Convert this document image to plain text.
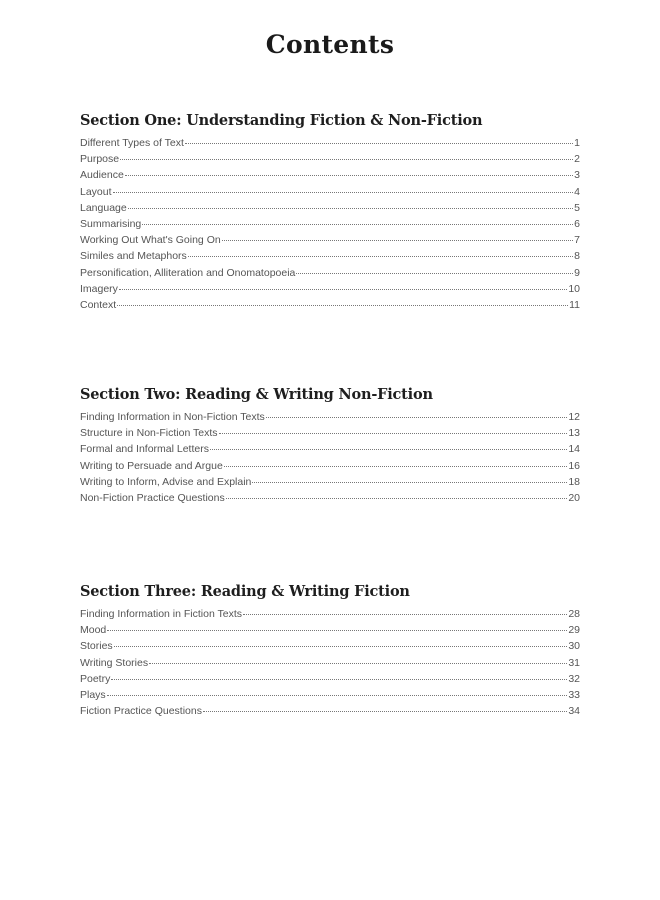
Contents
Section One: Understanding Fiction & Non-Fiction
Different Types of Text	1
Purpose	2
Audience	3
Layout	4
Language	5
Summarising	6
Working Out What's Going On	7
Similes and Metaphors	8
Personification, Alliteration and Onomatopoeia	9
Imagery	10
Context	11
Section Two: Reading & Writing Non-Fiction
Finding Information in Non-Fiction Texts	12
Structure in Non-Fiction Texts	13
Formal and Informal Letters	14
Writing to Persuade and Argue	16
Writing to Inform, Advise and Explain	18
Non-Fiction Practice Questions	20
Section Three: Reading & Writing Fiction
Finding Information in Fiction Texts	28
Mood	29
Stories	30
Writing Stories	31
Poetry	32
Plays	33
Fiction Practice Questions	34
